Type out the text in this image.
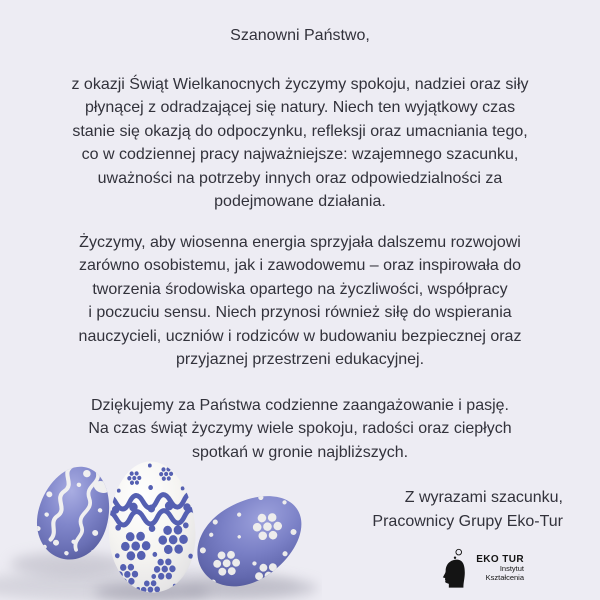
Szanowni Państwo,
z okazji Świąt Wielkanocnych życzymy spokoju, nadziei oraz siły
płynącej z odradzającej się natury. Niech ten wyjątkowy czas
stanie się okazją do odpoczynku, refleksji oraz umacniania tego,
co w codziennej pracy najważniejsze: wzajemnego szacunku,
uważności na potrzeby innych oraz odpowiedzialności za
podejmowane działania.
Życzymy, aby wiosenna energia sprzyjała dalszemu rozwojowi
zarówno osobistemu, jak i zawodowemu – oraz inspirowała do
tworzenia środowiska opartego na życzliwości, współpracy
i poczuciu sensu. Niech przynosi również siłę do wspierania
nauczycieli, uczniów i rodziców w budowaniu bezpiecznej oraz
przyjaznej przestrzeni edukacyjnej.
Dziękujemy za Państwa codzienne zaangażowanie i pasję.
Na czas świąt życzymy wiele spokoju, radości oraz ciepłych
spotkań w gronie najbliższych.
Z wyrazami szacunku,
Pracownicy Grupy Eko-Tur
EKO TUR
Instytut
Kształcenia
